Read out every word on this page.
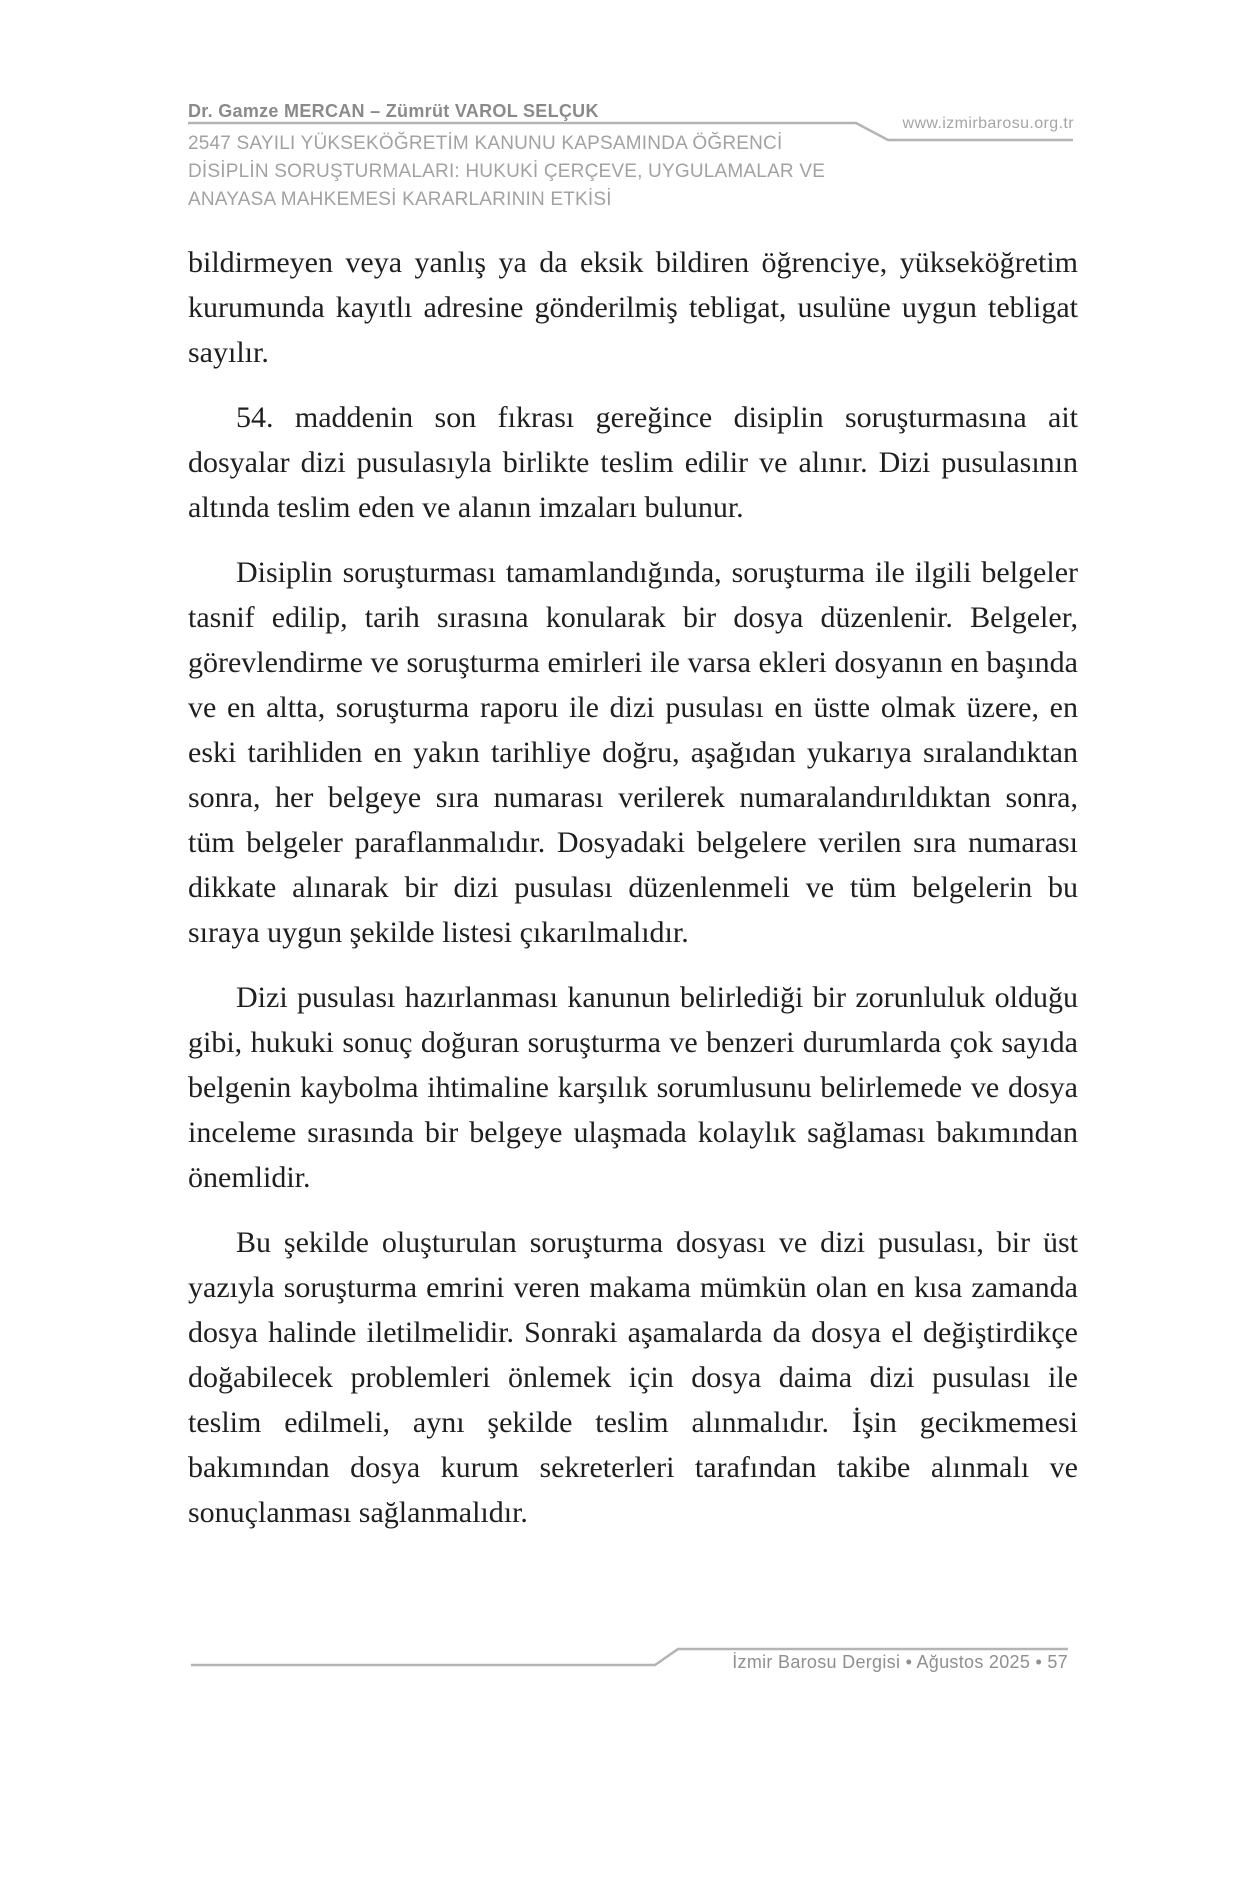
Dr. Gamze MERCAN – Zümrüt VAROL SELÇUK
www.izmirbarosu.org.tr
2547 SAYILI YÜKSEKÖĞRETİM KANUNU KAPSAMINDA ÖĞRENCİ
DİSİPLİN SORUŞTURMALARI: HUKUKİ ÇERÇEVE, UYGULAMALAR VE
ANAYASA MAHKEMESİ KARARLARININ ETKİSİ

bildirmeyen veya yanlış ya da eksik bildiren öğrenciye, yükseköğretim kurumunda kayıtlı adresine gönderilmiş tebligat, usulüne uygun tebligat sayılır.

54. maddenin son fıkrası gereğince disiplin soruşturmasına ait dosyalar dizi pusulasıyla birlikte teslim edilir ve alınır. Dizi pusulasının altında teslim eden ve alanın imzaları bulunur.

Disiplin soruşturması tamamlandığında, soruşturma ile ilgili belgeler tasnif edilip, tarih sırasına konularak bir dosya düzenlenir. Belgeler, görevlendirme ve soruşturma emirleri ile varsa ekleri dosyanın en başında ve en altta, soruşturma raporu ile dizi pusulası en üstte olmak üzere, en eski tarihliden en yakın tarihliye doğru, aşağıdan yukarıya sıralandıktan sonra, her belgeye sıra numarası verilerek numaralandırıldıktan sonra, tüm belgeler paraflanmalıdır. Dosyadaki belgelere verilen sıra numarası dikkate alınarak bir dizi pusulası düzenlenmeli ve tüm belgelerin bu sıraya uygun şekilde listesi çıkarılmalıdır.

Dizi pusulası hazırlanması kanunun belirlediği bir zorunluluk olduğu gibi, hukuki sonuç doğuran soruşturma ve benzeri durumlarda çok sayıda belgenin kaybolma ihtimaline karşılık sorumlusunu belirlemede ve dosya inceleme sırasında bir belgeye ulaşmada kolaylık sağlaması bakımından önemlidir.

Bu şekilde oluşturulan soruşturma dosyası ve dizi pusulası, bir üst yazıyla soruşturma emrini veren makama mümkün olan en kısa zamanda dosya halinde iletilmelidir. Sonraki aşamalarda da dosya el değiştirdikçe doğabilecek problemleri önlemek için dosya daima dizi pusulası ile teslim edilmeli, aynı şekilde teslim alınmalıdır. İşin gecikmemesi bakımından dosya kurum sekreterleri tarafından takibe alınmalı ve sonuçlanması sağlanmalıdır.

İzmir Barosu Dergisi • Ağustos 2025 • 57
